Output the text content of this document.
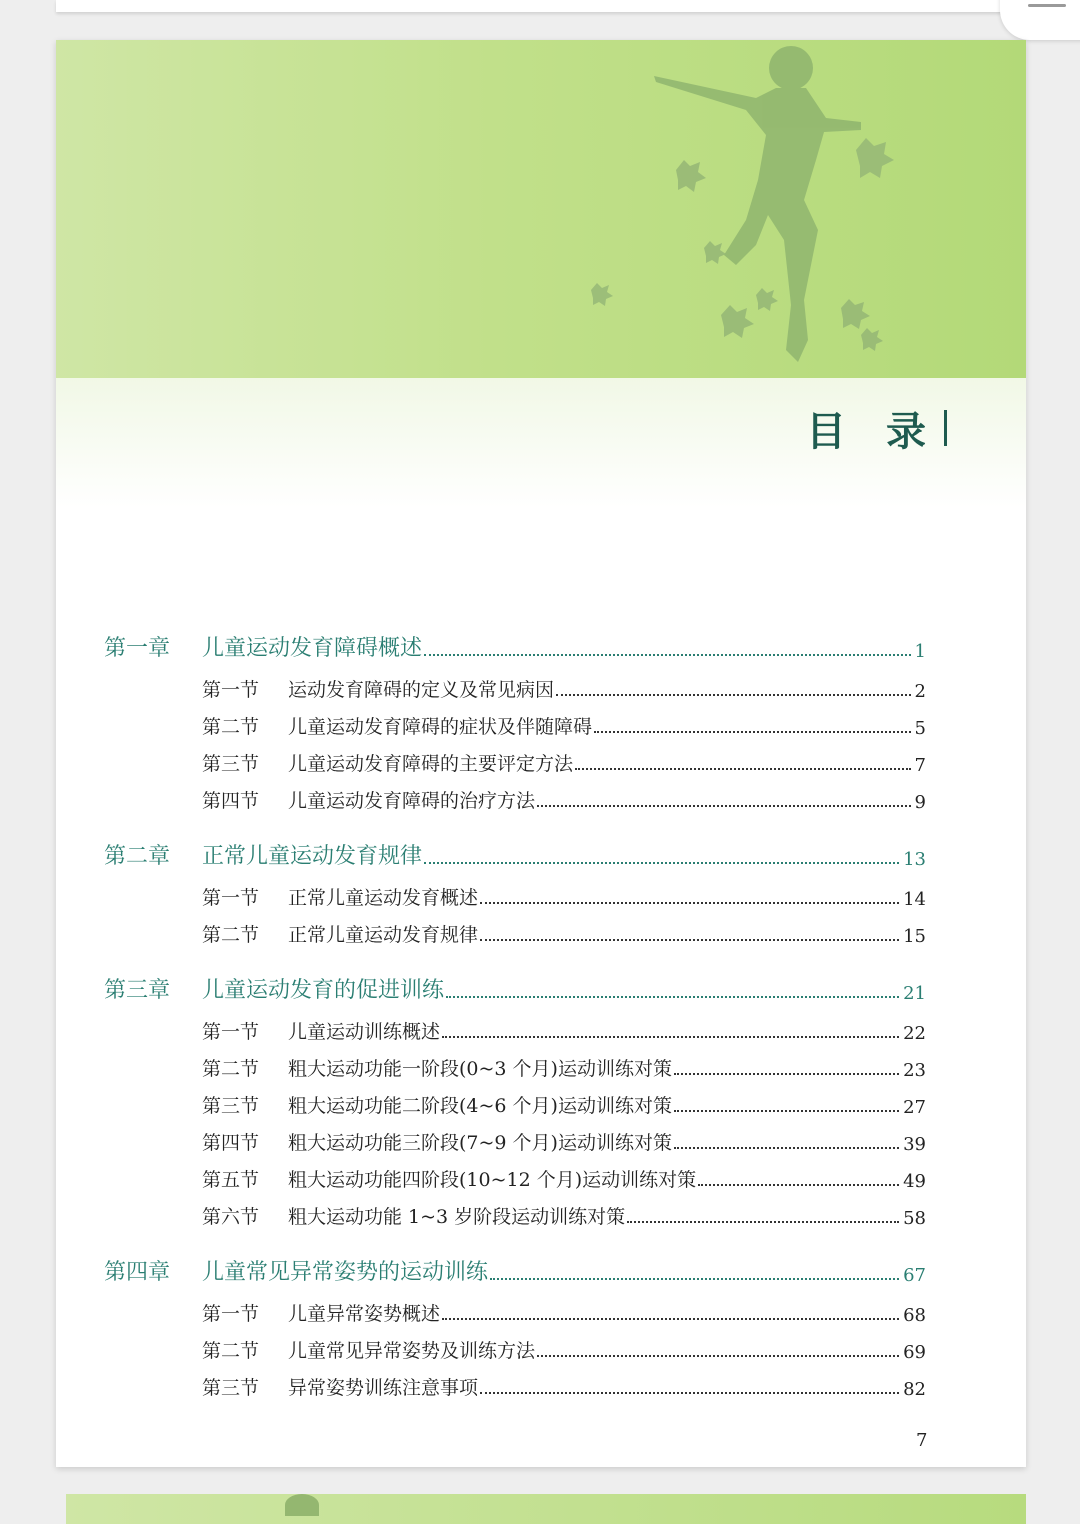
目 录
第一章	儿童运动发育障碍概述	1
第一节	运动发育障碍的定义及常见病因	2
第二节	儿童运动发育障碍的症状及伴随障碍	5
第三节	儿童运动发育障碍的主要评定方法	7
第四节	儿童运动发育障碍的治疗方法	9
第二章	正常儿童运动发育规律	13
第一节	正常儿童运动发育概述	14
第二节	正常儿童运动发育规律	15
第三章	儿童运动发育的促进训练	21
第一节	儿童运动训练概述	22
第二节	粗大运动功能一阶段(0~3 个月)运动训练对策	23
第三节	粗大运动功能二阶段(4~6 个月)运动训练对策	27
第四节	粗大运动功能三阶段(7~9 个月)运动训练对策	39
第五节	粗大运动功能四阶段(10~12 个月)运动训练对策	49
第六节	粗大运动功能 1~3 岁阶段运动训练对策	58
第四章	儿童常见异常姿势的运动训练	67
第一节	儿童异常姿势概述	68
第二节	儿童常见异常姿势及训练方法	69
第三节	异常姿势训练注意事项	82
7
